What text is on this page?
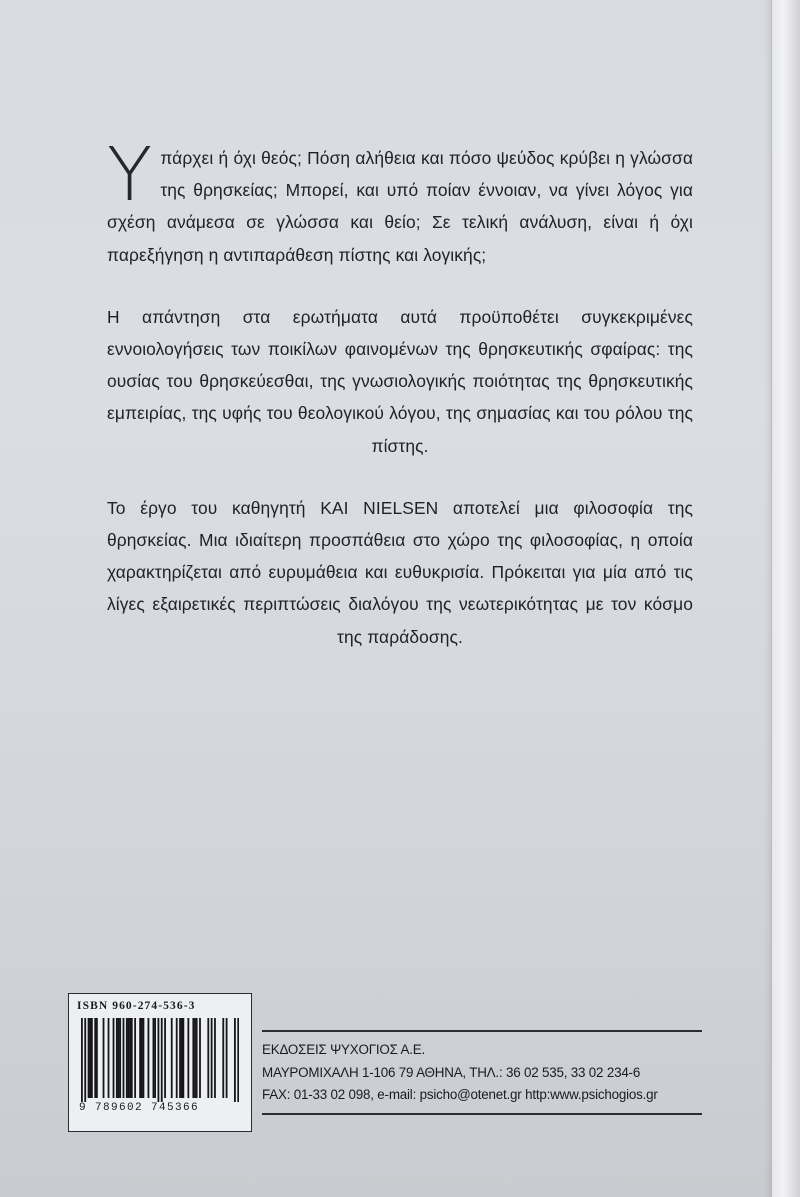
Υ πάρχει ή όχι θεός; Πόση αλήθεια και πόσο ψεύδος κρύβει η γλώσσα της θρησκείας; Μπορεί, και υπό ποίαν έννοιαν, να γίνει λόγος για σχέση ανάμεσα σε γλώσσα και θείο; Σε τελική ανάλυση, είναι ή όχι παρεξήγηση η αντιπαράθεση πίστης και λογικής;

Η απάντηση στα ερωτήματα αυτά προϋποθέτει συγκεκριμένες εννοιολογήσεις των ποικίλων φαινομένων της θρησκευτικής σφαίρας: της ουσίας του θρησκεύεσθαι, της γνωσιολογικής ποιότητας της θρησκευτικής εμπειρίας, της υφής του θεολογικού λόγου, της σημασίας και του ρόλου της πίστης.

Το έργο του καθηγητή ΚΑΙ NIELSEN αποτελεί μια φιλοσοφία της θρησκείας. Μια ιδιαίτερη προσπάθεια στο χώρο της φιλοσοφίας, η οποία χαρακτηρίζεται από ευρυμάθεια και ευθυκρισία. Πρόκειται για μία από τις λίγες εξαιρετικές περιπτώσεις διαλόγου της νεωτερικότητας με τον κόσμο της παράδοσης.

ISBN 960-274-536-3
9 789602 745366
ΕΚΔΟΣΕΙΣ ΨΥΧΟΓΙΟΣ Α.Ε.
ΜΑΥΡΟΜΙΧΑΛΗ 1-106 79 ΑΘΗΝΑ, ΤΗΛ.: 36 02 535, 33 02 234-6
FAX: 01-33 02 098, e-mail: psicho@otenet.gr http:www.psichogios.gr
